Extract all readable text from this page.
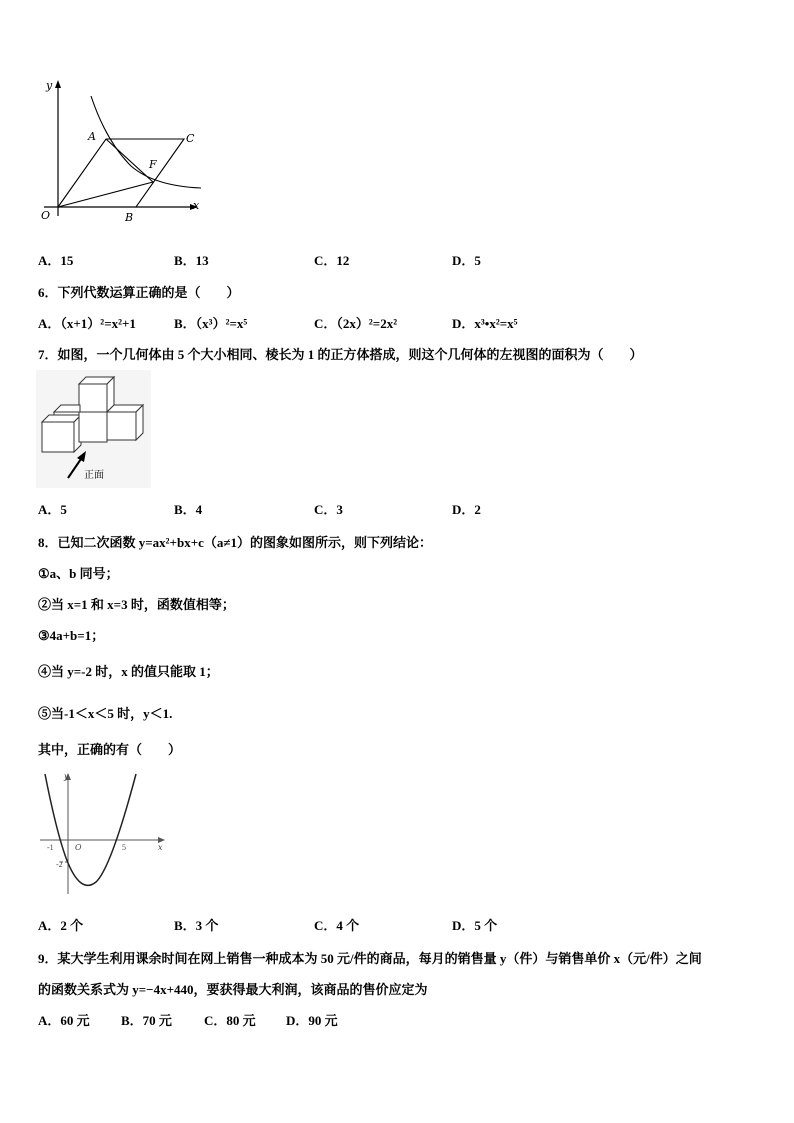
y
x
O
A	C
F
B
A．15	B．13	C．12	D．5
6．下列代数运算正确的是（　　）
A．（x+1）²=x²+1	B．（x³）²=x⁵	C．（2x）²=2x²	D．x³•x²=x⁵
7．如图，一个几何体由 5 个大小相同、棱长为 1 的正方体搭成，则这个几何体的左视图的面积为（　　）
正面
A．5	B．4	C．3	D．2
8．已知二次函数 y=ax²+bx+c（a≠1）的图象如图所示，则下列结论：
①a、b 同号；
②当 x=1 和 x=3 时，函数值相等；
③4a+b=1；
④当 y=-2 时，x 的值只能取 1；
⑤当-1＜x＜5 时，y＜1.
其中，正确的有（　　）
y
x
O
-1	5
-2
A．2 个	B．3 个	C．4 个	D．5 个
9．某大学生利用课余时间在网上销售一种成本为 50 元/件的商品，每月的销售量 y（件）与销售单价 x（元/件）之间
的函数关系式为 y=−4x+440，要获得最大利润，该商品的售价应定为
A．60 元 B．70 元 C．80 元 D．90 元
